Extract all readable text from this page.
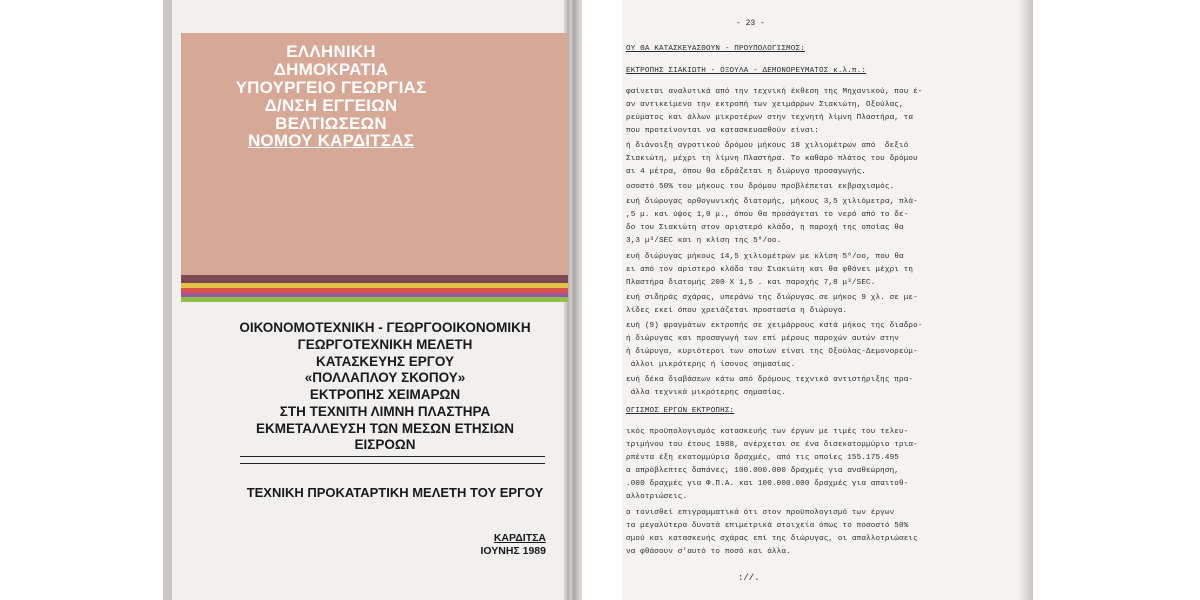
ΕΛΛΗΝΙΚΗ
ΔΗΜΟΚΡΑΤΙΑ
ΥΠΟΥΡΓΕΙΟ ΓΕΩΡΓΙΑΣ
Δ/ΝΣΗ ΕΓΓΕΙΩΝ
ΒΕΛΤΙΩΣΕΩΝ
ΝΟΜΟΥ ΚΑΡΔΙΤΣΑΣ
ΟΙΚΟΝΟΜΟΤΕΧΝΙΚΗ - ΓΕΩΡΓΟΟΙΚΟΝΟΜΙΚΗ
ΓΕΩΡΓΟΤΕΧΝΙΚΗ ΜΕΛΕΤΗ
ΚΑΤΑΣΚΕΥΗΣ ΕΡΓΟΥ
«ΠΟΛΛΑΠΛΟΥ ΣΚΟΠΟΥ»
ΕΚΤΡΟΠΗΣ ΧΕΙΜΑΡΩΝ
ΣΤΗ ΤΕΧΝΙΤΗ ΛΙΜΝΗ ΠΛΑΣΤΗΡΑ
ΕΚΜΕΤΑΛΛΕΥΣΗ ΤΩΝ ΜΕΣΩΝ ΕΤΗΣΙΩΝ
ΕΙΣΡΟΩΝ
ΤΕΧΝΙΚΗ ΠΡΟΚΑΤΑΡΤΙΚΗ ΜΕΛΕΤΗ ΤΟΥ ΕΡΓΟΥ
ΚΑΡΔΙΤΣΑ
ΙΟΥΝΗΣ 1989
ΟΥ ΘΑ ΚΑΤΑΣΚΕΥΑΣΘΟΥΝ - ΠΡΟΥΠΟΛΟΓΙΣΜΟΣ:
ΕΚΤΡΟΠΗΣ ΣΙΑΚΙΩΤΗ - ΟΞΟΥΛΑ - ΔΕΜΟΝΟΡΕΥΜΑΤΟΣ κ.λ.π.:
φαίνεται αναλυτικά από την τεχνική έκθεση της Μηχανικού, που έ-
αν αντικείμενο την εκτροπή των χειμάρρων Σιακιώτη, Οξούλας,
ρεύματος και άλλων μικροτέρων στην τεχνητή λίμνη Πλαστήρα, τα
που προτείνονται να κατασκευασθούν είναι:
ή διάνοιξη αγροτικού δρόμου μήκους 18 χιλιομέτρων από  δεξιό
Σιακιώτη, μέχρι τη λίμνη Πλαστήρα. Το καθαρό πλάτος του δρόμου
αι 4 μέτρα, όπου θα εδράζεται η διώρυγα προσαγωγής.
οσοστό 50% του μήκους του δρόμου προβλέπεται εκβραχισμός.
ευή διώρυγας ορθογωνικής διατομής, μήκους 3,5 χιλιόμετρα, πλά-
,5 μ. και ύψος 1,0 μ., όπου θα προσάγεται το νερό από το δε-
δο του Σιακιώτη στον αριστερό κλάδο, η παροχή της οποίας θα
3,3 μ³/SEC και η κλίση της 5⁰/οο.
ευή διώρυγας μήκους 14,5 χιλιομέτρων με κλίση 5⁰/οο, που θα
ει από τον αριστερό κλάδο του Σιακιώτη και θα φθάνει μέχρι τη
Πλαστήρα διατομής 200 Χ 1,5 . και παροχής 7,8 μ³/SEC.
ευή σιδηράς σχάρας, υπεράνω της διώρυγας σε μήκος 9 χλ. σε με-
λίδες εκεί όπου χρειάζεται προστασία η διώρυγα.
ευή (9) φραγμάτων εκτροπής σε χειμάρρους κατά μήκος της διαδρο-
ή διώρυγας και προσαγωγή των επί μέρους παροχών αυτών στην
ή διώρυγα, κυριότεροι των οποίων είναι της Οξούλας-Δεμονορεύμ-
άλλοι μικρότερης ή ίσονος σημασίας.
ευή δέκα διαβάσεων κάτω από δρόμους τεχνικά αντιστήριξης πρα-
άλλα τεχνικά μικρότερης σημασίας.
ΟΓΙΣΜΟΣ ΕΡΓΩΝ ΕΚΤΡΟΠΗΣ:
ικός προϋπολογισμός κατασκευής των έργων με τιμές του τελευ-
τριμήνου του έτους 1988, ανέρχεται σε ένα δισεκατομμύριο τρια-
ρπέντα έξη εκατομμύρια δραχμές, από τις οποίες 155.175.495
α απρόβλεπτες δαπάνες, 100.000.000 δραχμές για αναθεώρηση,
.000 δραχμές για Φ.Π.Α. και 100.000.000 δραχμές για απαιτοθ-
αλλοτριώσεις.
α τονισθεί επιγραμματικά ότι στον προϋπολογισμό των έργων
τα μεγαλύτερα δυνατά επιμετρικά στοιχεία όπως το ποσοστό 50%
σμού και κατασκευής σχάρας επί της διώρυγας, οι απαλλοτριώσεις
να φθάσουν σ'αυτό το ποσό και άλλα.
- 23 -
://.
